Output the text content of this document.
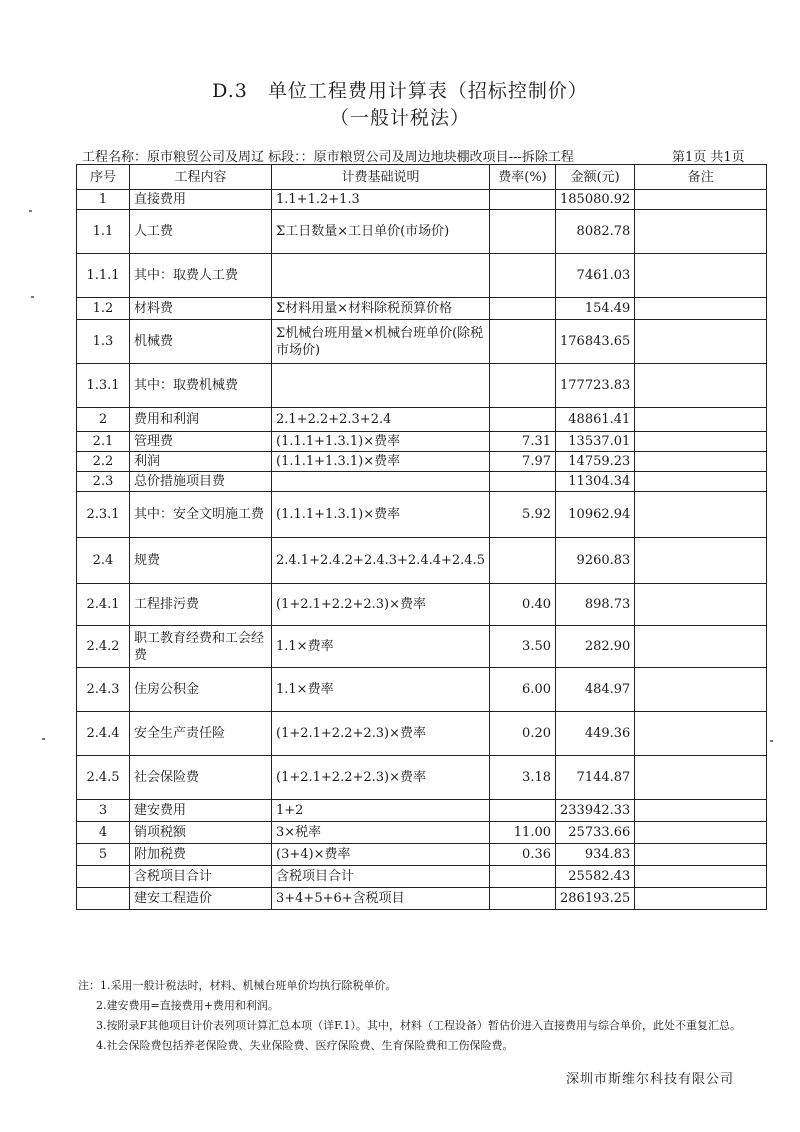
D.3　单位工程费用计算表（招标控制价）
（一般计税法）
工程名称：原市粮贸公司及周辽 标段：：原市粮贸公司及周边地块棚改项目---拆除工程	第1页 共1页
序号	工程内容	计费基础说明	费率(%)	金额(元)	备注
1	直接费用	1.1+1.2+1.3		185080.92	
1.1	人工费	Σ工日数量×工日单价(市场价)		8082.78	
1.1.1	其中：取费人工费			7461.03	
1.2	材料费	Σ材料用量×材料除税预算价格		154.49	
1.3	机械费	Σ机械台班用量×机械台班单价(除税市场价)		176843.65	
1.3.1	其中：取费机械费			177723.83	
2	费用和利润	2.1+2.2+2.3+2.4		48861.41	
2.1	管理费	(1.1.1+1.3.1)×费率	7.31	13537.01	
2.2	利润	(1.1.1+1.3.1)×费率	7.97	14759.23	
2.3	总价措施项目费			11304.34	
2.3.1	其中：安全文明施工费	(1.1.1+1.3.1)×费率	5.92	10962.94	
2.4	规费	2.4.1+2.4.2+2.4.3+2.4.4+2.4.5		9260.83	
2.4.1	工程排污费	(1+2.1+2.2+2.3)×费率	0.40	898.73	
2.4.2	职工教育经费和工会经费	1.1×费率	3.50	282.90	
2.4.3	住房公积金	1.1×费率	6.00	484.97	
2.4.4	安全生产责任险	(1+2.1+2.2+2.3)×费率	0.20	449.36	
2.4.5	社会保险费	(1+2.1+2.2+2.3)×费率	3.18	7144.87	
3	建安费用	1+2		233942.33	
4	销项税额	3×税率	11.00	25733.66	
5	附加税费	(3+4)×费率	0.36	934.83	
	含税项目合计	含税项目合计		25582.43	
	建安工程造价	3+4+5+6+含税项目		286193.25	
注：1.采用一般计税法时，材料、机械台班单价均执行除税单价。
2.建安费用=直接费用+费用和利润。
3.按附录F其他项目计价表列项计算汇总本项（详F.1）。其中，材料（工程设备）暂估价进入直接费用与综合单价，此处不重复汇总。
4.社会保险费包括养老保险费、失业保险费、医疗保险费、生育保险费和工伤保险费。
深圳市斯维尔科技有限公司
